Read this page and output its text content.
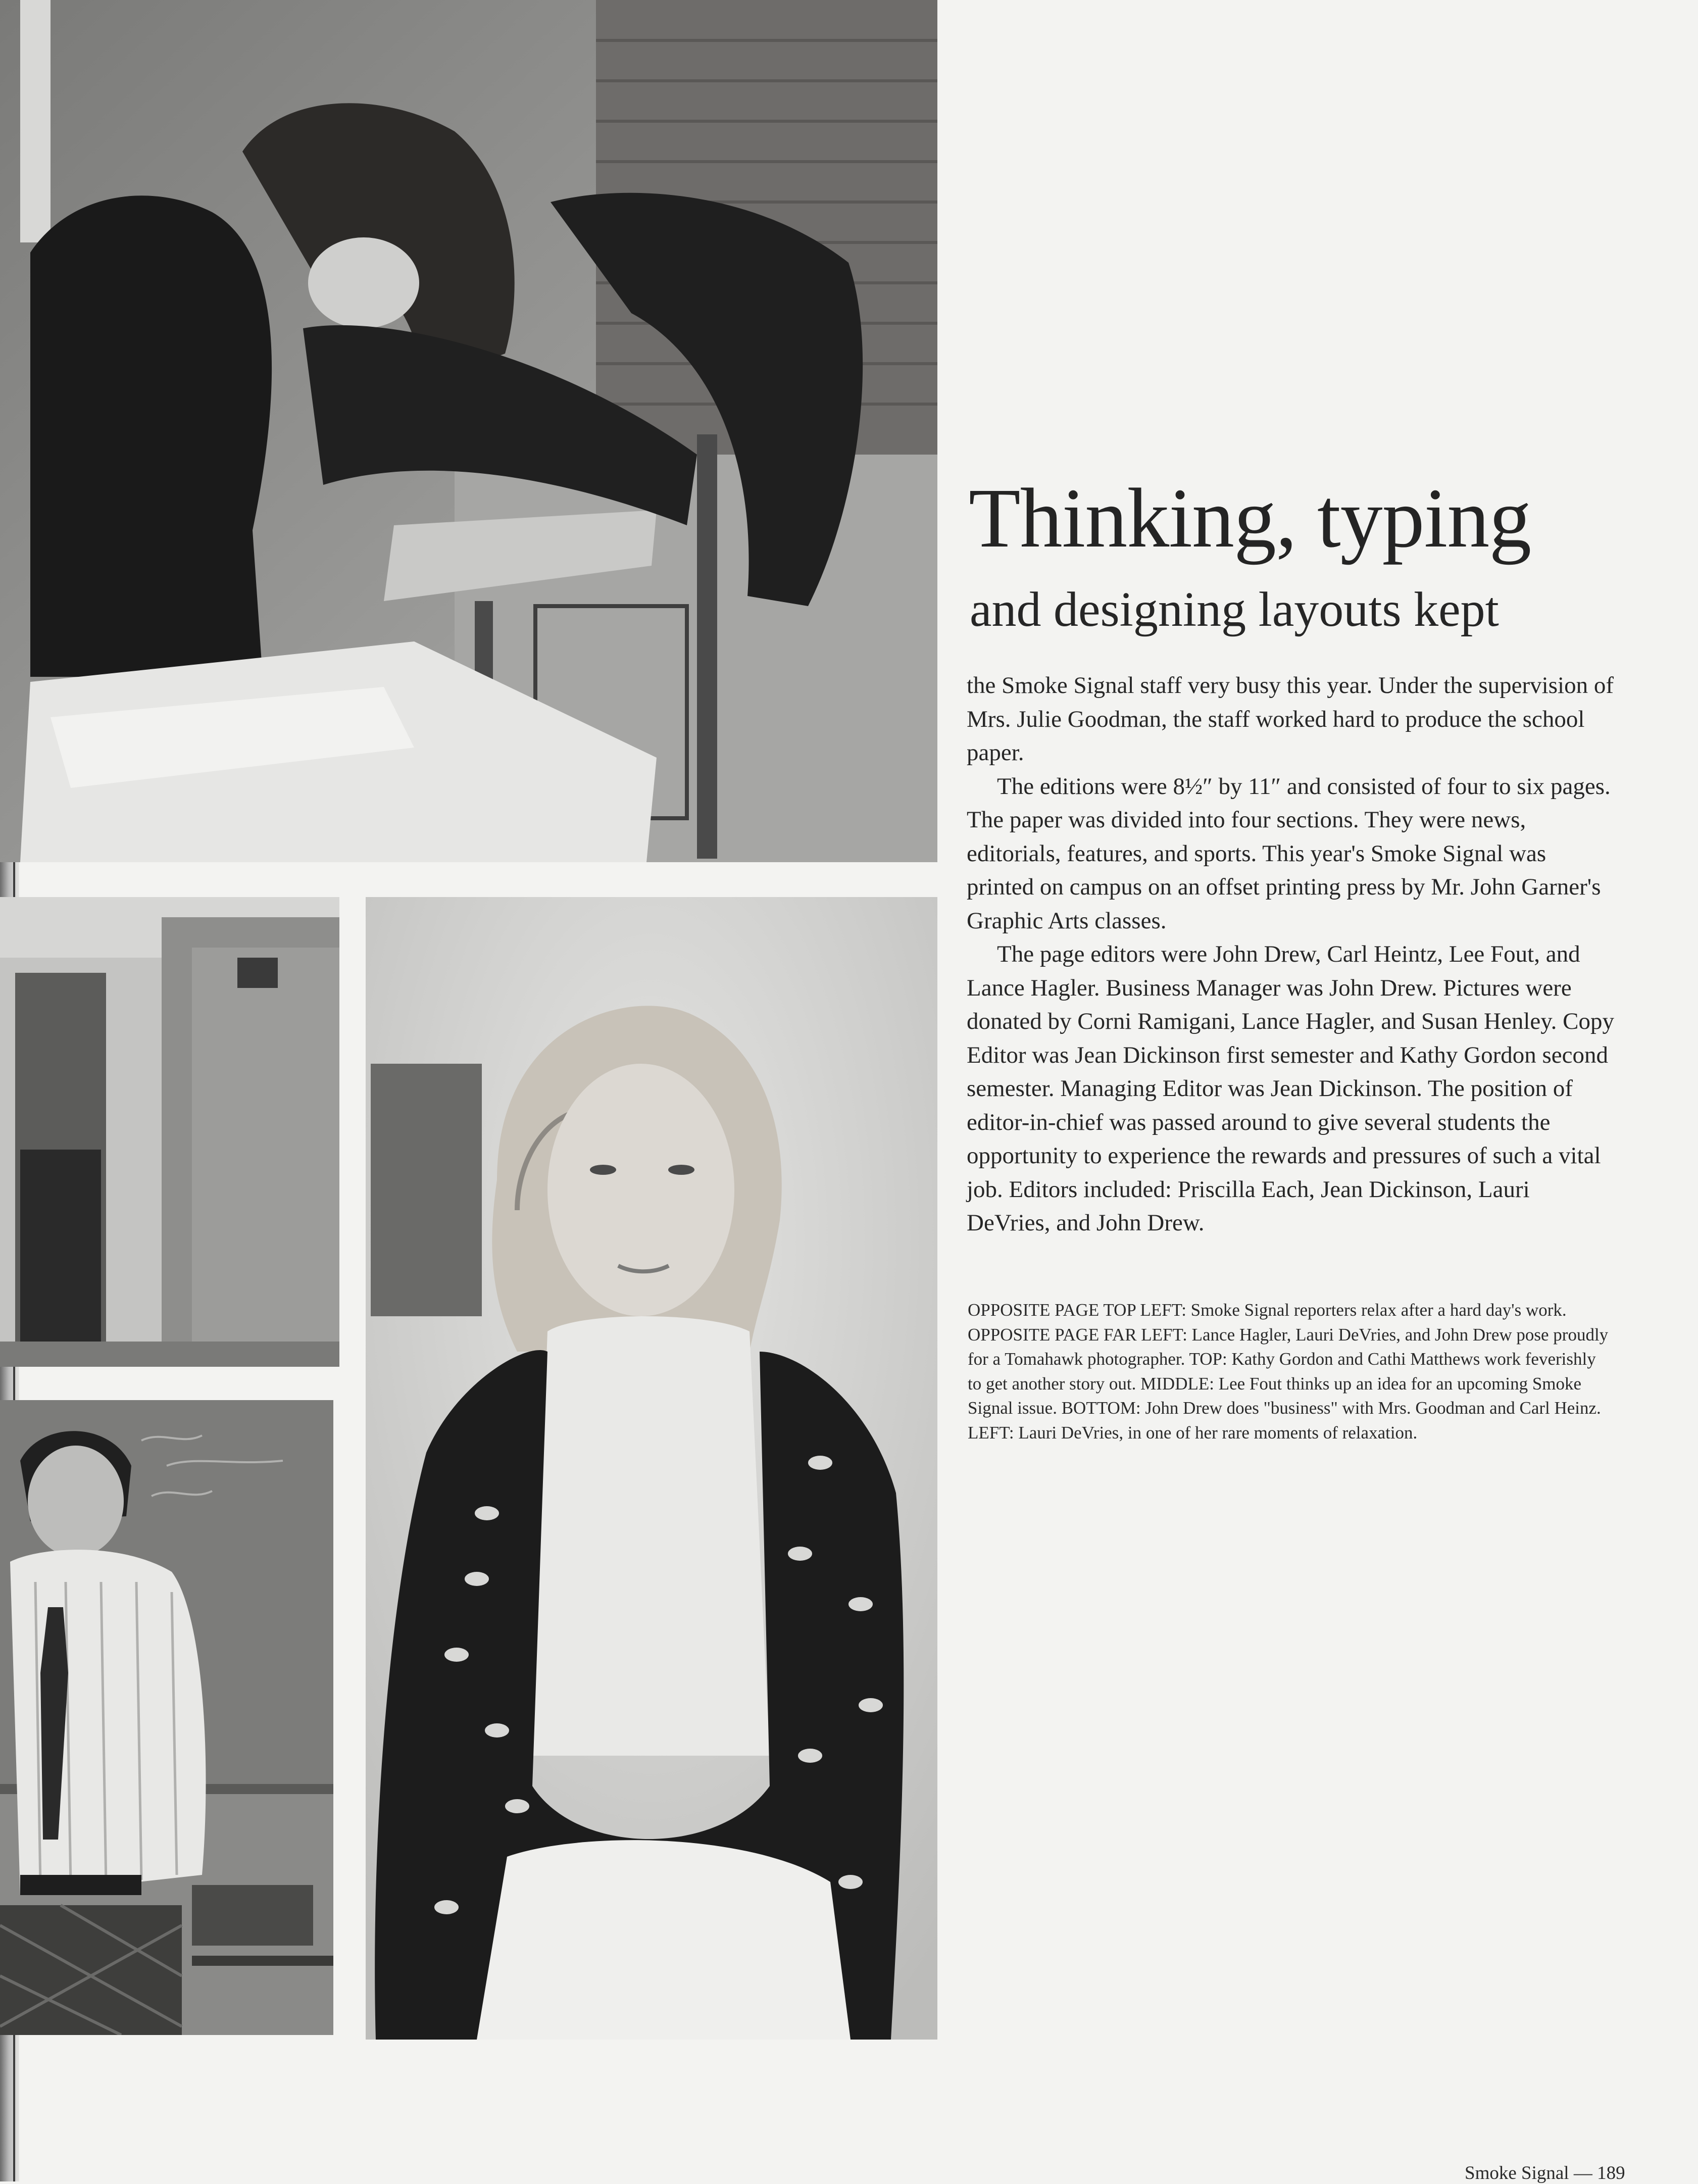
Thinking, typing
and designing layouts kept

the Smoke Signal staff very busy this year. Under the supervision of Mrs. Julie Goodman, the staff worked hard to produce the school paper.

The editions were 8½″ by 11″ and consisted of four to six pages. The paper was divided into four sections. They were news, editorials, features, and sports. This year's Smoke Signal was printed on campus on an offset printing press by Mr. John Garner's Graphic Arts classes.

The page editors were John Drew, Carl Heintz, Lee Fout, and Lance Hagler. Business Manager was John Drew. Pictures were donated by Corni Ramigani, Lance Hagler, and Susan Henley. Copy Editor was Jean Dickinson first semester and Kathy Gordon second semester. Managing Editor was Jean Dickinson. The position of editor-in-chief was passed around to give several students the opportunity to experience the rewards and pressures of such a vital job. Editors included: Priscilla Each, Jean Dickinson, Lauri DeVries, and John Drew.

OPPOSITE PAGE TOP LEFT: Smoke Signal reporters relax after a hard day's work. OPPOSITE PAGE FAR LEFT: Lance Hagler, Lauri DeVries, and John Drew pose proudly for a Tomahawk photographer. TOP: Kathy Gordon and Cathi Matthews work feverishly to get another story out. MIDDLE: Lee Fout thinks up an idea for an upcoming Smoke Signal issue. BOTTOM: John Drew does "business" with Mrs. Goodman and Carl Heinz. LEFT: Lauri DeVries, in one of her rare moments of relaxation.
Smoke Signal — 189
